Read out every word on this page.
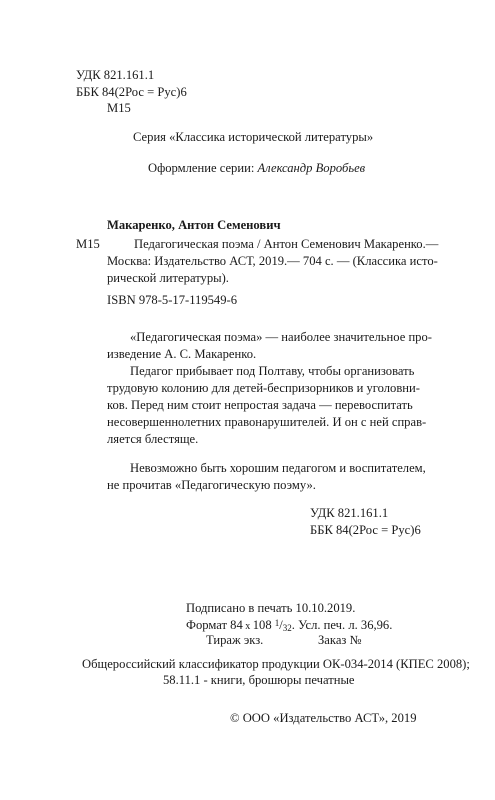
УДК 821.161.1
ББК 84(2Рос = Рус)6
М15
Серия «Классика исторической литературы»
Оформление серии: Александр Воробьев
Макаренко, Антон Семенович
М15	Педагогическая поэма / Антон Семенович Макаренко.—
Москва: Издательство АСТ, 2019.— 704 с. — (Классика исто-
рической литературы).
ISBN 978-5-17-119549-6
«Педагогическая поэма» — наиболее значительное про-
изведение А. С. Макаренко.
Педагог прибывает под Полтаву, чтобы организовать
трудовую колонию для детей-беспризорников и уголовни-
ков. Перед ним стоит непростая задача — перевоспитать
несовершеннолетних правонарушителей. И он с ней справ-
ляется блестяще.
Невозможно быть хорошим педагогом и воспитателем,
не прочитав «Педагогическую поэму».
УДК 821.161.1
ББК 84(2Рос = Рус)6
Подписано в печать 10.10.2019.
Формат 84 х 108 $^1/_{32}$. Усл. печ. л. 36,96.
Тираж экз.	Заказ №
Общероссийский классификатор продукции ОК-034-2014 (КПЕС 2008);
58.11.1 - книги, брошюры печатные
© ООО «Издательство АСТ», 2019
